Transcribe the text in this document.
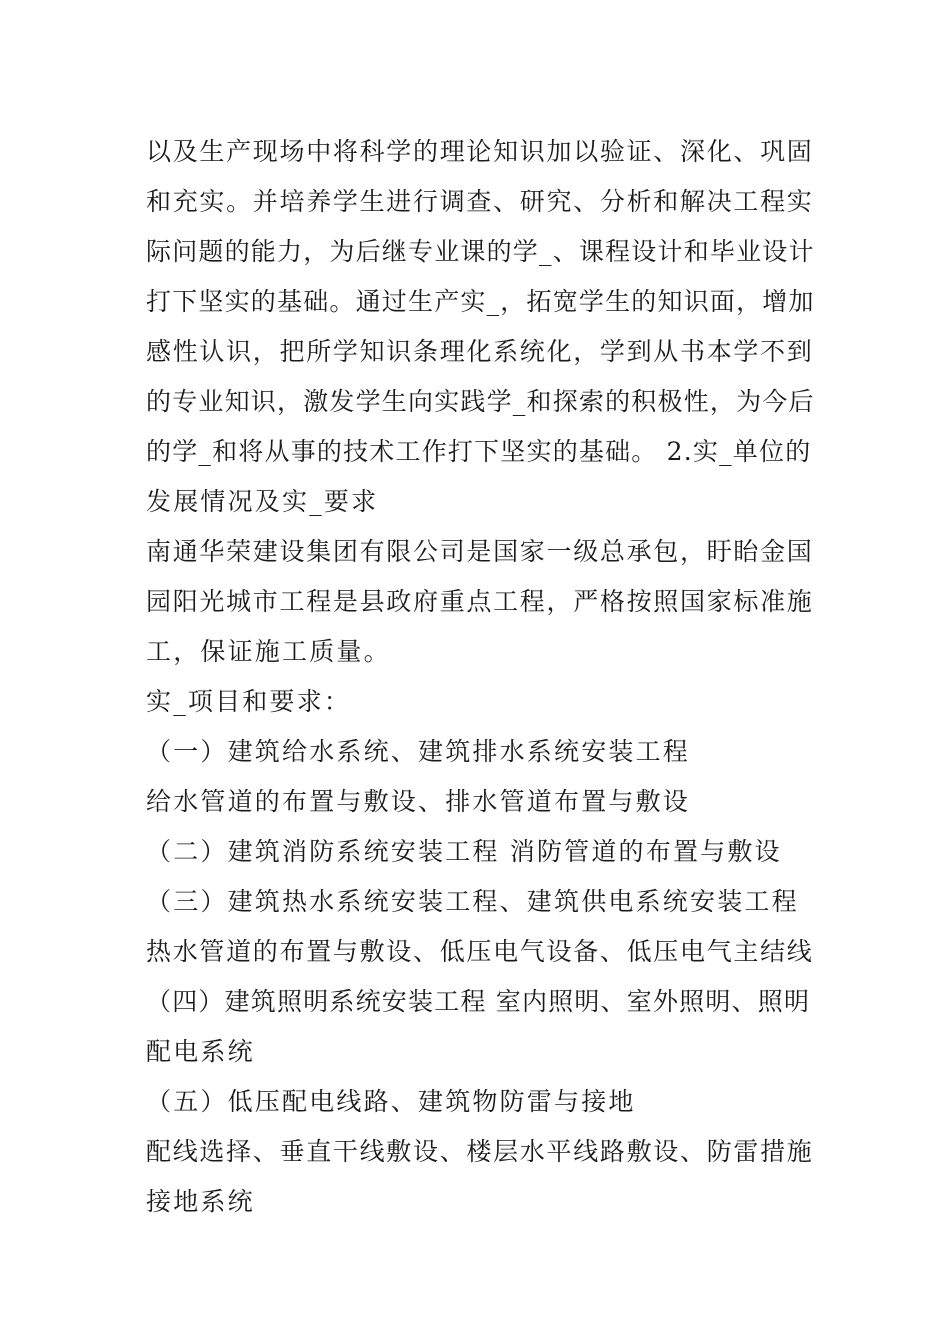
以及生产现场中将科学的理论知识加以验证、深化、巩固
和充实。并培养学生进行调查、研究、分析和解决工程实
际问题的能力，为后继专业课的学_、课程设计和毕业设计
打下坚实的基础。通过生产实_，拓宽学生的知识面，增加
感性认识，把所学知识条理化系统化，学到从书本学不到
的专业知识，激发学生向实践学_和探索的积极性，为今后
的学_和将从事的技术工作打下坚实的基础。 2.实_单位的
发展情况及实_要求
南通华荣建设集团有限公司是国家一级总承包，盱眙金国
园阳光城市工程是县政府重点工程，严格按照国家标准施
工，保证施工质量。
实_项目和要求：
（一）建筑给水系统、建筑排水系统安装工程
给水管道的布置与敷设、排水管道布置与敷设
（二）建筑消防系统安装工程 消防管道的布置与敷设
（三）建筑热水系统安装工程、建筑供电系统安装工程
热水管道的布置与敷设、低压电气设备、低压电气主结线
（四）建筑照明系统安装工程 室内照明、室外照明、照明
配电系统
（五）低压配电线路、建筑物防雷与接地
配线选择、垂直干线敷设、楼层水平线路敷设、防雷措施
接地系统
